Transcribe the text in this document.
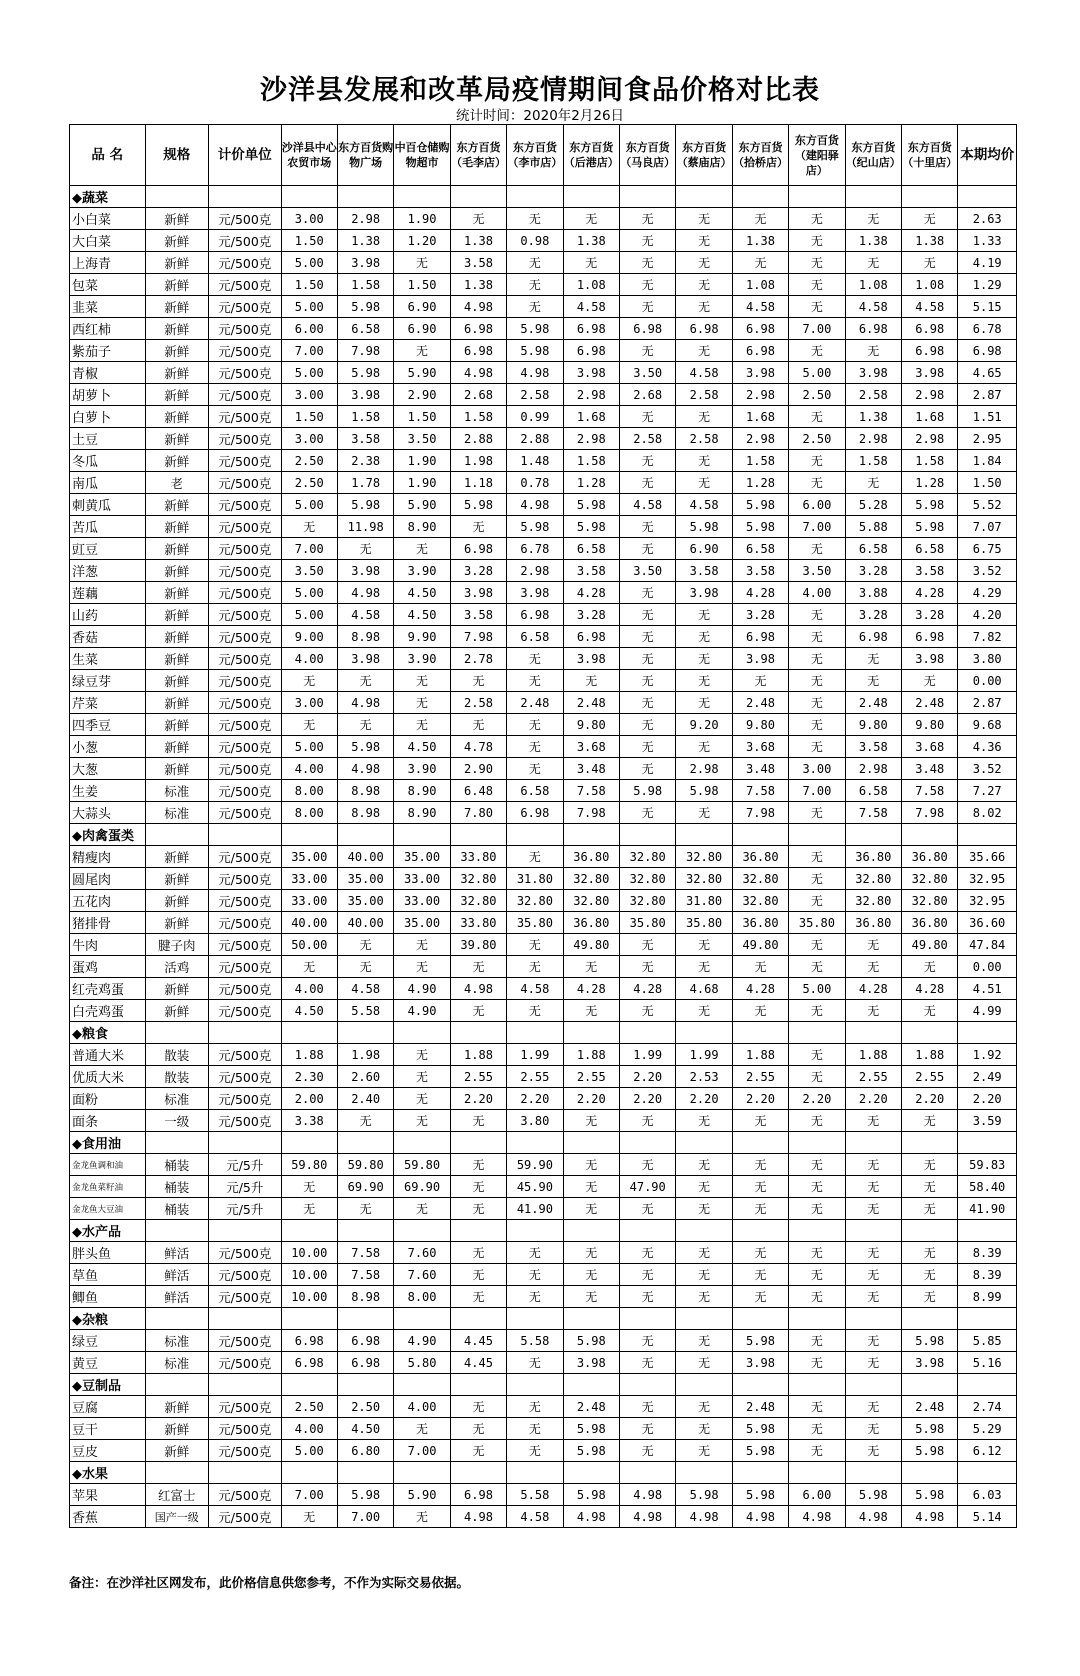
沙洋县发展和改革局疫情期间食品价格对比表
统计时间：2020年2月26日
品 名	规格	计价单位	沙洋县中心农贸市场	东方百货购物广场	中百仓储购物超市	东方百货（毛李店）	东方百货（李市店）	东方百货（后港店）	东方百货（马良店）	东方百货（蔡庙店）	东方百货（拾桥店）	东方百货（建阳驿店）	东方百货（纪山店）	东方百货（十里店）	本期均价
◆蔬菜															
小白菜	新鲜	元/500克	3.00	2.98	1.90	无	无	无	无	无	无	无	无	无	2.63
大白菜	新鲜	元/500克	1.50	1.38	1.20	1.38	0.98	1.38	无	无	1.38	无	1.38	1.38	1.33
上海青	新鲜	元/500克	5.00	3.98	无	3.58	无	无	无	无	无	无	无	无	4.19
包菜	新鲜	元/500克	1.50	1.58	1.50	1.38	无	1.08	无	无	1.08	无	1.08	1.08	1.29
韭菜	新鲜	元/500克	5.00	5.98	6.90	4.98	无	4.58	无	无	4.58	无	4.58	4.58	5.15
西红柿	新鲜	元/500克	6.00	6.58	6.90	6.98	5.98	6.98	6.98	6.98	6.98	7.00	6.98	6.98	6.78
紫茄子	新鲜	元/500克	7.00	7.98	无	6.98	5.98	6.98	无	无	6.98	无	无	6.98	6.98
青椒	新鲜	元/500克	5.00	5.98	5.90	4.98	4.98	3.98	3.50	4.58	3.98	5.00	3.98	3.98	4.65
胡萝卜	新鲜	元/500克	3.00	3.98	2.90	2.68	2.58	2.98	2.68	2.58	2.98	2.50	2.58	2.98	2.87
白萝卜	新鲜	元/500克	1.50	1.58	1.50	1.58	0.99	1.68	无	无	1.68	无	1.38	1.68	1.51
土豆	新鲜	元/500克	3.00	3.58	3.50	2.88	2.88	2.98	2.58	2.58	2.98	2.50	2.98	2.98	2.95
冬瓜	新鲜	元/500克	2.50	2.38	1.90	1.98	1.48	1.58	无	无	1.58	无	1.58	1.58	1.84
南瓜	老	元/500克	2.50	1.78	1.90	1.18	0.78	1.28	无	无	1.28	无	无	1.28	1.50
刺黄瓜	新鲜	元/500克	5.00	5.98	5.90	5.98	4.98	5.98	4.58	4.58	5.98	6.00	5.28	5.98	5.52
苦瓜	新鲜	元/500克	无	11.98	8.90	无	5.98	5.98	无	5.98	5.98	7.00	5.88	5.98	7.07
豇豆	新鲜	元/500克	7.00	无	无	6.98	6.78	6.58	无	6.90	6.58	无	6.58	6.58	6.75
洋葱	新鲜	元/500克	3.50	3.98	3.90	3.28	2.98	3.58	3.50	3.58	3.58	3.50	3.28	3.58	3.52
莲藕	新鲜	元/500克	5.00	4.98	4.50	3.98	3.98	4.28	无	3.98	4.28	4.00	3.88	4.28	4.29
山药	新鲜	元/500克	5.00	4.58	4.50	3.58	6.98	3.28	无	无	3.28	无	3.28	3.28	4.20
香菇	新鲜	元/500克	9.00	8.98	9.90	7.98	6.58	6.98	无	无	6.98	无	6.98	6.98	7.82
生菜	新鲜	元/500克	4.00	3.98	3.90	2.78	无	3.98	无	无	3.98	无	无	3.98	3.80
绿豆芽	新鲜	元/500克	无	无	无	无	无	无	无	无	无	无	无	无	0.00
芹菜	新鲜	元/500克	3.00	4.98	无	2.58	2.48	2.48	无	无	2.48	无	2.48	2.48	2.87
四季豆	新鲜	元/500克	无	无	无	无	无	9.80	无	9.20	9.80	无	9.80	9.80	9.68
小葱	新鲜	元/500克	5.00	5.98	4.50	4.78	无	3.68	无	无	3.68	无	3.58	3.68	4.36
大葱	新鲜	元/500克	4.00	4.98	3.90	2.90	无	3.48	无	2.98	3.48	3.00	2.98	3.48	3.52
生姜	标准	元/500克	8.00	8.98	8.90	6.48	6.58	7.58	5.98	5.98	7.58	7.00	6.58	7.58	7.27
大蒜头	标准	元/500克	8.00	8.98	8.90	7.80	6.98	7.98	无	无	7.98	无	7.58	7.98	8.02
◆肉禽蛋类															
精瘦肉	新鲜	元/500克	35.00	40.00	35.00	33.80	无	36.80	32.80	32.80	36.80	无	36.80	36.80	35.66
圆尾肉	新鲜	元/500克	33.00	35.00	33.00	32.80	31.80	32.80	32.80	32.80	32.80	无	32.80	32.80	32.95
五花肉	新鲜	元/500克	33.00	35.00	33.00	32.80	32.80	32.80	32.80	31.80	32.80	无	32.80	32.80	32.95
猪排骨	新鲜	元/500克	40.00	40.00	35.00	33.80	35.80	36.80	35.80	35.80	36.80	35.80	36.80	36.80	36.60
牛肉	腱子肉	元/500克	50.00	无	无	39.80	无	49.80	无	无	49.80	无	无	49.80	47.84
蛋鸡	活鸡	元/500克	无	无	无	无	无	无	无	无	无	无	无	无	0.00
红壳鸡蛋	新鲜	元/500克	4.00	4.58	4.90	4.98	4.58	4.28	4.28	4.68	4.28	5.00	4.28	4.28	4.51
白壳鸡蛋	新鲜	元/500克	4.50	5.58	4.90	无	无	无	无	无	无	无	无	无	4.99
◆粮食															
普通大米	散装	元/500克	1.88	1.98	无	1.88	1.99	1.88	1.99	1.99	1.88	无	1.88	1.88	1.92
优质大米	散装	元/500克	2.30	2.60	无	2.55	2.55	2.55	2.20	2.53	2.55	无	2.55	2.55	2.49
面粉	标准	元/500克	2.00	2.40	无	2.20	2.20	2.20	2.20	2.20	2.20	2.20	2.20	2.20	2.20
面条	一级	元/500克	3.38	无	无	无	3.80	无	无	无	无	无	无	无	3.59
◆食用油															
金龙鱼调和油	桶装	元/5升	59.80	59.80	59.80	无	59.90	无	无	无	无	无	无	无	59.83
金龙鱼菜籽油	桶装	元/5升	无	69.90	69.90	无	45.90	无	47.90	无	无	无	无	无	58.40
金龙鱼大豆油	桶装	元/5升	无	无	无	无	41.90	无	无	无	无	无	无	无	41.90
◆水产品															
胖头鱼	鲜活	元/500克	10.00	7.58	7.60	无	无	无	无	无	无	无	无	无	8.39
草鱼	鲜活	元/500克	10.00	7.58	7.60	无	无	无	无	无	无	无	无	无	8.39
鲫鱼	鲜活	元/500克	10.00	8.98	8.00	无	无	无	无	无	无	无	无	无	8.99
◆杂粮															
绿豆	标准	元/500克	6.98	6.98	4.90	4.45	5.58	5.98	无	无	5.98	无	无	5.98	5.85
黄豆	标准	元/500克	6.98	6.98	5.80	4.45	无	3.98	无	无	3.98	无	无	3.98	5.16
◆豆制品															
豆腐	新鲜	元/500克	2.50	2.50	4.00	无	无	2.48	无	无	2.48	无	无	2.48	2.74
豆干	新鲜	元/500克	4.00	4.50	无	无	无	5.98	无	无	5.98	无	无	5.98	5.29
豆皮	新鲜	元/500克	5.00	6.80	7.00	无	无	5.98	无	无	5.98	无	无	5.98	6.12
◆水果															
苹果	红富士	元/500克	7.00	5.98	5.90	6.98	5.58	5.98	4.98	5.98	5.98	6.00	5.98	5.98	6.03
香蕉	国产一级	元/500克	无	7.00	无	4.98	4.58	4.98	4.98	4.98	4.98	4.98	4.98	4.98	5.14
备注：在沙洋社区网发布，此价格信息供您参考，不作为实际交易依据。
